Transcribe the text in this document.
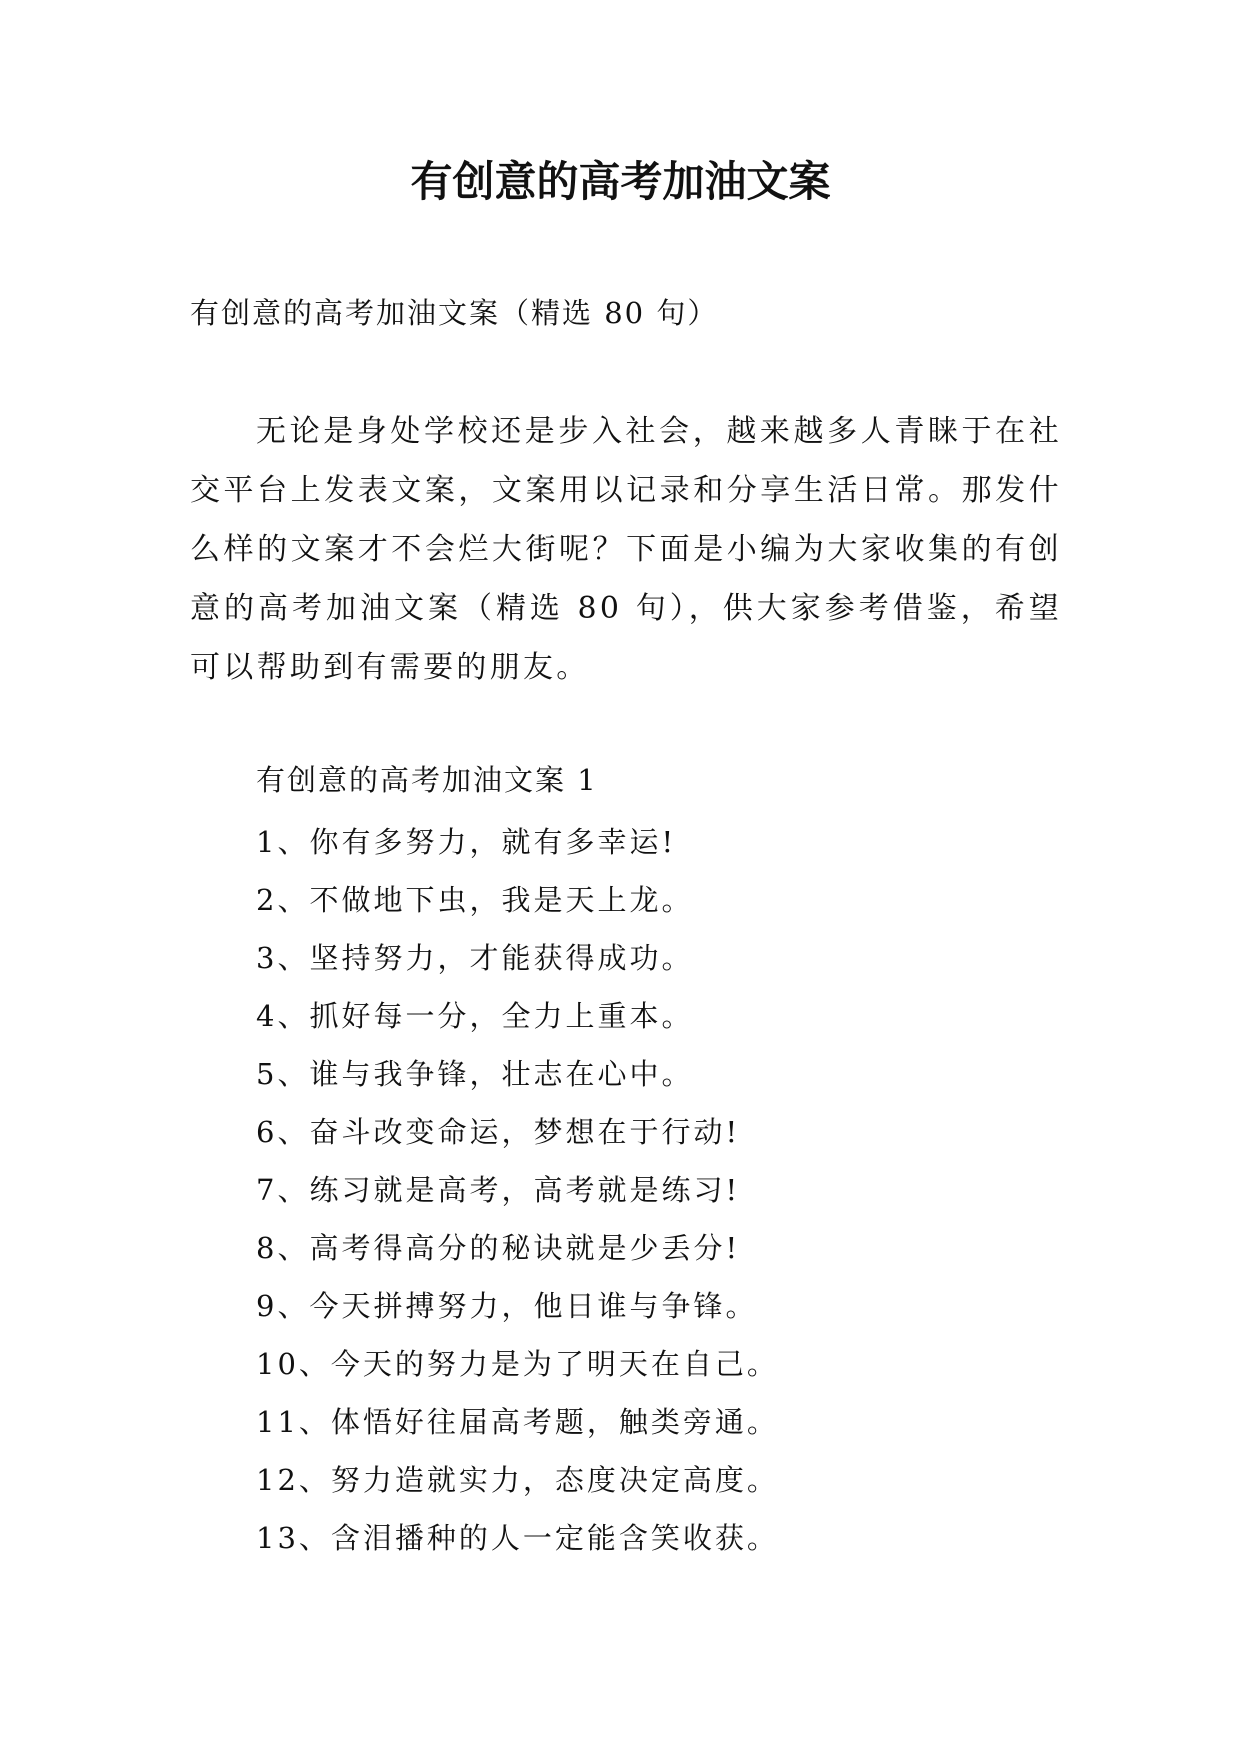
有创意的高考加油文案

有创意的高考加油文案（精选 80 句）

无论是身处学校还是步入社会，越来越多人青睐于在社交平台上发表文案，文案用以记录和分享生活日常。那发什么样的文案才不会烂大街呢？下面是小编为大家收集的有创意的高考加油文案（精选 80 句），供大家参考借鉴，希望可以帮助到有需要的朋友。

有创意的高考加油文案 1

1、你有多努力，就有多幸运!
2、不做地下虫，我是天上龙。
3、坚持努力，才能获得成功。
4、抓好每一分，全力上重本。
5、谁与我争锋，壮志在心中。
6、奋斗改变命运，梦想在于行动!
7、练习就是高考，高考就是练习!
8、高考得高分的秘诀就是少丢分!
9、今天拼搏努力，他日谁与争锋。
10、今天的努力是为了明天在自己。
11、体悟好往届高考题，触类旁通。
12、努力造就实力，态度决定高度。
13、含泪播种的人一定能含笑收获。
